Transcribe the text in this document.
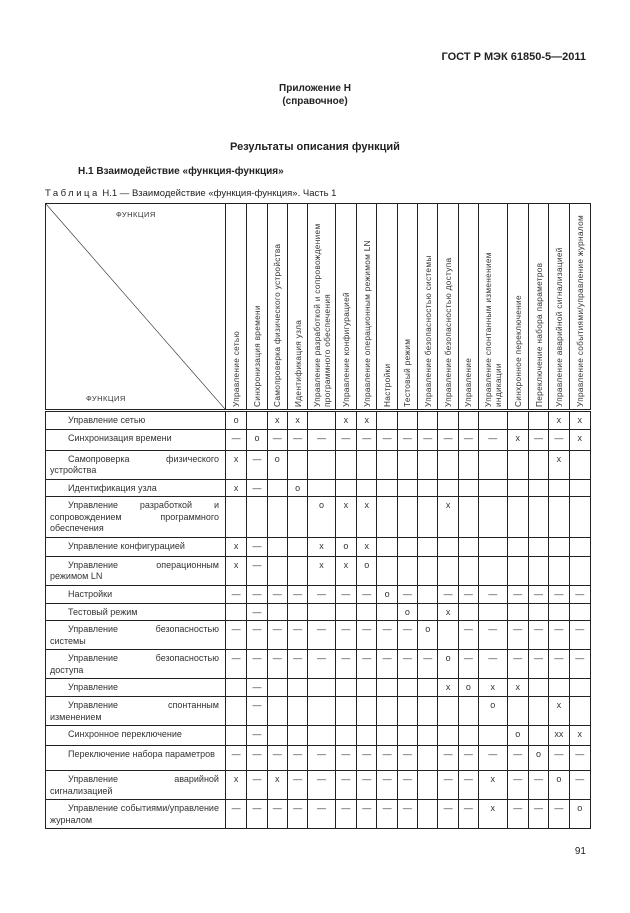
ГОСТ Р МЭК 61850-5—2011
Приложение Н
(справочное)
Результаты описания функций
Н.1 Взаимодействие «функция-функция»
Таблица Н.1 — Взаимодействие «функция-функция». Часть 1
ФУНКЦИЯ
ФУНКЦИЯ	Управление сетью	Синхронизация времени	Самопроверка физического устройства	Идентификация узла	Управление разработкой и сопровождением
программного обеспечения	Управление конфигурацией	Управление операционным режимом LN	Настройки	Тестовый режим	Управление безопасностью системы	Управление безопасностью доступа	Управление	Управление спонтанным изменением
индикации	Синхронное переключение	Переключение набора параметров	Управление аварийной сигнализацией	Управление событиями/управление журналом

Управление сетью	o		x	x		x	x									x	x
Синхронизация времени	—	o	—	—	—	—	—	—	—	—	—	—	—	x	—	—	x
Самопроверка физического устройства	x	—	o													x	
Идентификация узла	x	—		o													
Управление разработкой и сопровождением программного обеспечения					o	x	x				x						
Управление конфигурацией	x	—			x	o	x										
Управление операционным режимом LN	x	—			x	x	o										
Настройки	—	—	—	—	—	—	—	o	—		—	—	—	—	—	—	—
Тестовый режим		—							o		x						
Управление безопасностью системы	—	—	—	—	—	—	—	—	—	o		—	—	—	—	—	—
Управление безопасностью доступа	—	—	—	—	—	—	—	—	—	—	o	—	—	—	—	—	—
Управление		—									x	o	x	x			
Управление спонтанным изменением		—											o			x	
Синхронное переключение		—												o		xx	x
Переключение набора параметров	—	—	—	—	—	—	—	—	—		—	—	—	—	o	—	—
Управление аварийной сигнализацией	x	—	x	—	—	—	—	—	—		—	—	x	—	—	o	—
Управление событиями/управление журналом	—	—	—	—	—	—	—	—	—		—	—	x	—	—	—	o
91
